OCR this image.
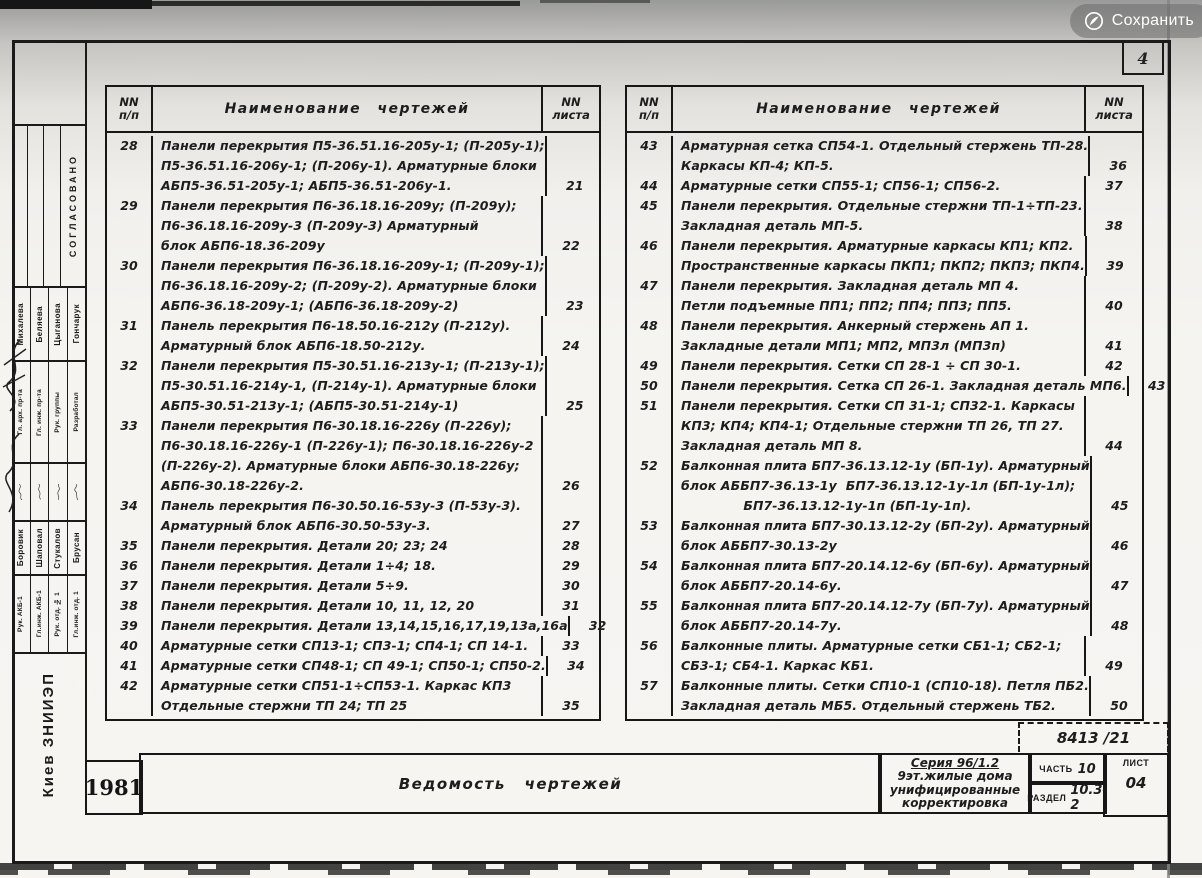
4
Сохранить
СОГЛАСОВАНО
Михалева Беляева Цыганова Гончарук
Гл. арх. пр-та Гл. инж. пр-та Рук. группы Разработал
Боровик Шаповал Стукалов Брусан
Рук. АКБ-1 Гл.инж. АКБ-1 Рук. отд. № 1 Гл.инж. отд. 1
Киев ЗНИИЭП
NN
п/п	Наименование чертежей	NN
листа
28	Панели перекрытия П5-36.51.16-205у-1; (П-205у-1);
П5-36.51.16-206у-1; (П-206у-1). Арматурные блоки
АБП5-36.51-205у-1; АБП5-36.51-206у-1.	21
29	Панели перекрытия П6-36.18.16-209у; (П-209у);
П6-36.18.16-209у-3 (П-209у-3) Арматурный
блок АБП6-18.36-209у	22
30	Панели перекрытия П6-36.18.16-209у-1; (П-209у-1);
П6-36.18.16-209у-2; (П-209у-2). Арматурные блоки
АБП6-36.18-209у-1; (АБП6-36.18-209у-2)	23
31	Панель перекрытия П6-18.50.16-212у (П-212у).
Арматурный блок АБП6-18.50-212у.	24
32	Панели перекрытия П5-30.51.16-213у-1; (П-213у-1);
П5-30.51.16-214у-1, (П-214у-1). Арматурные блоки
АБП5-30.51-213у-1; (АБП5-30.51-214у-1)	25
33	Панели перекрытия П6-30.18.16-226у (П-226у);
П6-30.18.16-226у-1 (П-226у-1); П6-30.18.16-226у-2
(П-226у-2). Арматурные блоки АБП6-30.18-226у;
АБП6-30.18-226у-2.	26
34	Панель перекрытия П6-30.50.16-53у-3 (П-53у-3).
Арматурный блок АБП6-30.50-53у-3.	27
35	Панели перекрытия. Детали 20; 23; 24	28
36	Панели перекрытия. Детали 1÷4; 18.	29
37	Панели перекрытия. Детали 5÷9.	30
38	Панели перекрытия. Детали 10, 11, 12, 20	31
39	Панели перекрытия. Детали 13,14,15,16,17,19,13а,16а	32
40	Арматурные сетки СП13-1; СП3-1; СП4-1; СП 14-1.	33
41	Арматурные сетки СП48-1; СП 49-1; СП50-1; СП50-2.	34
42	Арматурные сетки СП51-1÷СП53-1. Каркас КП3
Отдельные стержни ТП 24; ТП 25	35
NN
п/п	Наименование чертежей	NN
листа
43	Арматурная сетка СП54-1. Отдельный стержень ТП-28.
Каркасы КП-4; КП-5.	36
44	Арматурные сетки СП55-1; СП56-1; СП56-2.	37
45	Панели перекрытия. Отдельные стержни ТП-1÷ТП-23.
Закладная деталь МП-5.	38
46	Панели перекрытия. Арматурные каркасы КП1; КП2.
Пространственные каркасы ПКП1; ПКП2; ПКП3; ПКП4.	39
47	Панели перекрытия. Закладная деталь МП 4.
Петли подъемные ПП1; ПП2; ПП4; ПП3; ПП5.	40
48	Панели перекрытия. Анкерный стержень АП 1.
Закладные детали МП1; МП2, МП3л (МП3п)	41
49	Панели перекрытия. Сетки СП 28-1 ÷ СП 30-1.	42
50	Панели перекрытия. Сетка СП 26-1. Закладная деталь МП6.	43
51	Панели перекрытия. Сетки СП 31-1; СП32-1. Каркасы
КП3; КП4; КП4-1; Отдельные стержни ТП 26, ТП 27.
Закладная деталь МП 8.	44
52	Балконная плита БП7-36.13.12-1у (БП-1у). Арматурный
блок АББП7-36.13-1у  БП7-36.13.12-1у-1л (БП-1у-1л);
БП7-36.13.12-1у-1п (БП-1у-1п).	45
53	Балконная плита БП7-30.13.12-2у (БП-2у). Арматурный
блок АББП7-30.13-2у	46
54	Балконная плита БП7-20.14.12-6у (БП-6у). Арматурный
блок АББП7-20.14-6у.	47
55	Балконная плита БП7-20.14.12-7у (БП-7у). Арматурный
блок АББП7-20.14-7у.	48
56	Балконные плиты. Арматурные сетки СБ1-1; СБ2-1;
СБ3-1; СБ4-1. Каркас КБ1.	49
57	Балконные плиты. Сетки СП10-1 (СП10-18). Петля ПБ2.
Закладная деталь МБ5. Отдельный стержень ТБ2.	50
8413 /21
1981	Ведомость чертежей
Серия 96/1.2
9эт.жилые дома
унифицированные
корректировка
ЧАСТЬ 10
РАЗДЕЛ 10.3-2
ЛИСТ
04
